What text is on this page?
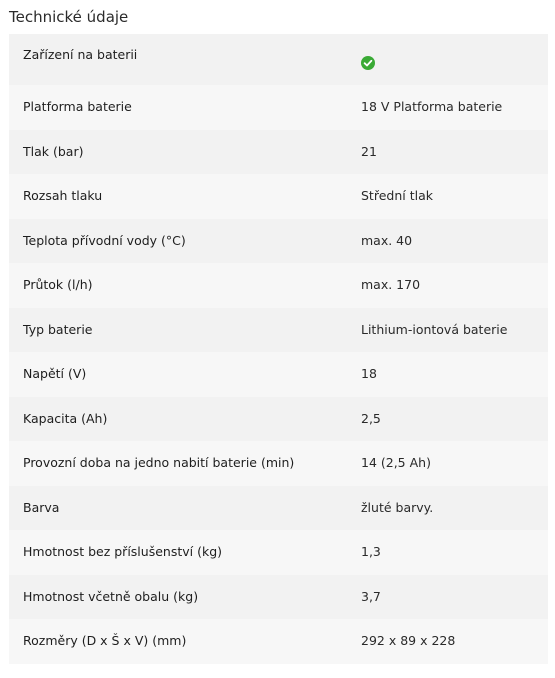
Technické údaje
Zařízení na baterii	

Platforma baterie	18 V Platforma baterie
Tlak (bar)	21
Rozsah tlaku	Střední tlak
Teplota přívodní vody (°C)	max. 40
Průtok (l/h)	max. 170
Typ baterie	Lithium-iontová baterie
Napětí (V)	18
Kapacita (Ah)	2,5
Provozní doba na jedno nabití baterie (min)	14 (2,5 Ah)
Barva	žluté barvy.
Hmotnost bez příslušenství (kg)	1,3
Hmotnost včetně obalu (kg)	3,7
Rozměry (D x Š x V) (mm)	292 x 89 x 228
